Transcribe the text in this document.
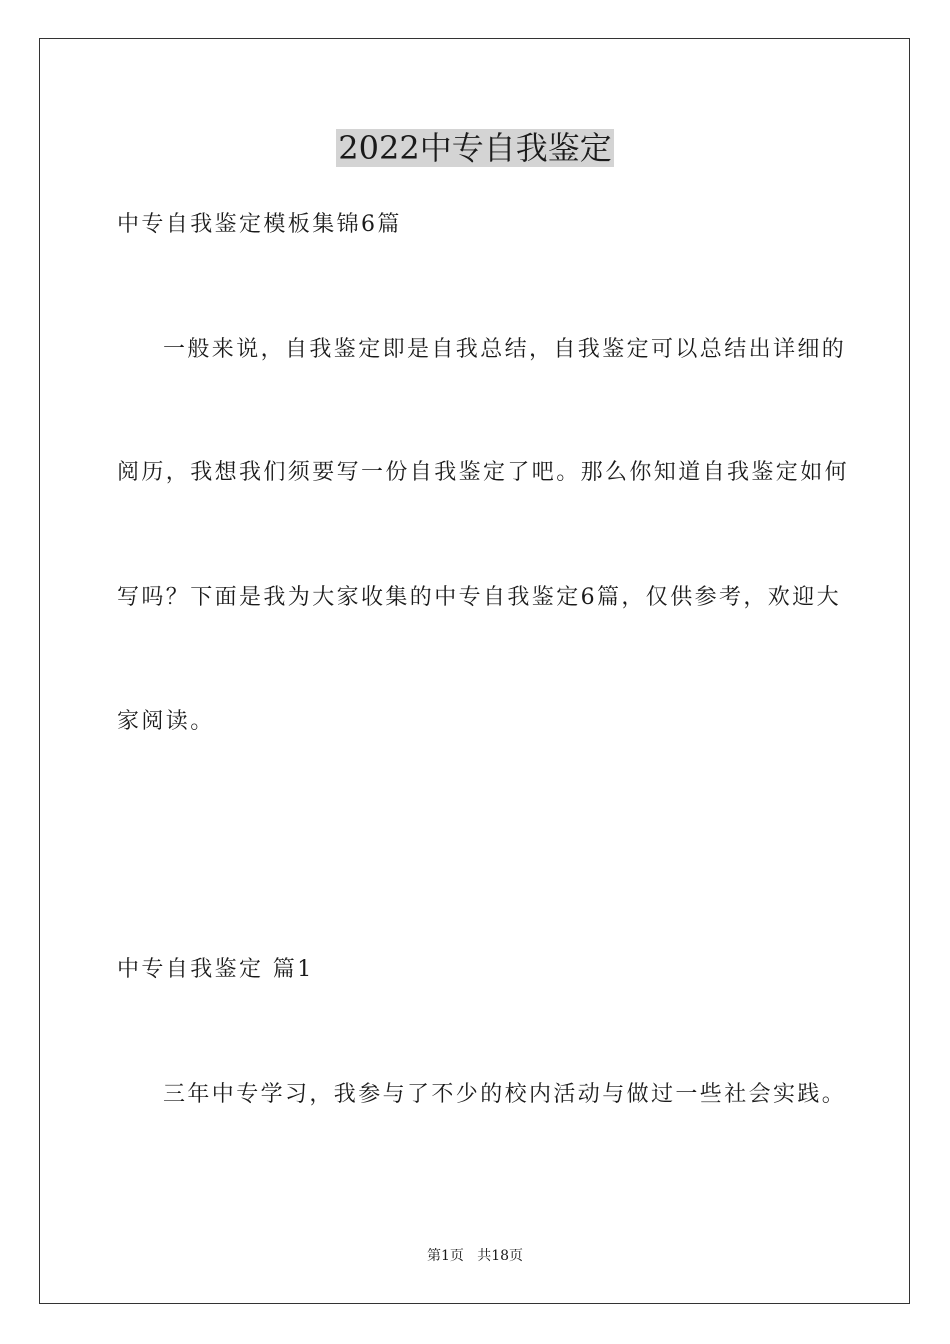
2022中专自我鉴定
中专自我鉴定模板集锦6篇
一般来说，自我鉴定即是自我总结，自我鉴定可以总结出详细的
阅历，我想我们须要写一份自我鉴定了吧。那么你知道自我鉴定如何
写吗？下面是我为大家收集的中专自我鉴定6篇，仅供参考，欢迎大
家阅读。
中专自我鉴定 篇1
三年中专学习，我参与了不少的校内活动与做过一些社会实践。
第1页   共18页
